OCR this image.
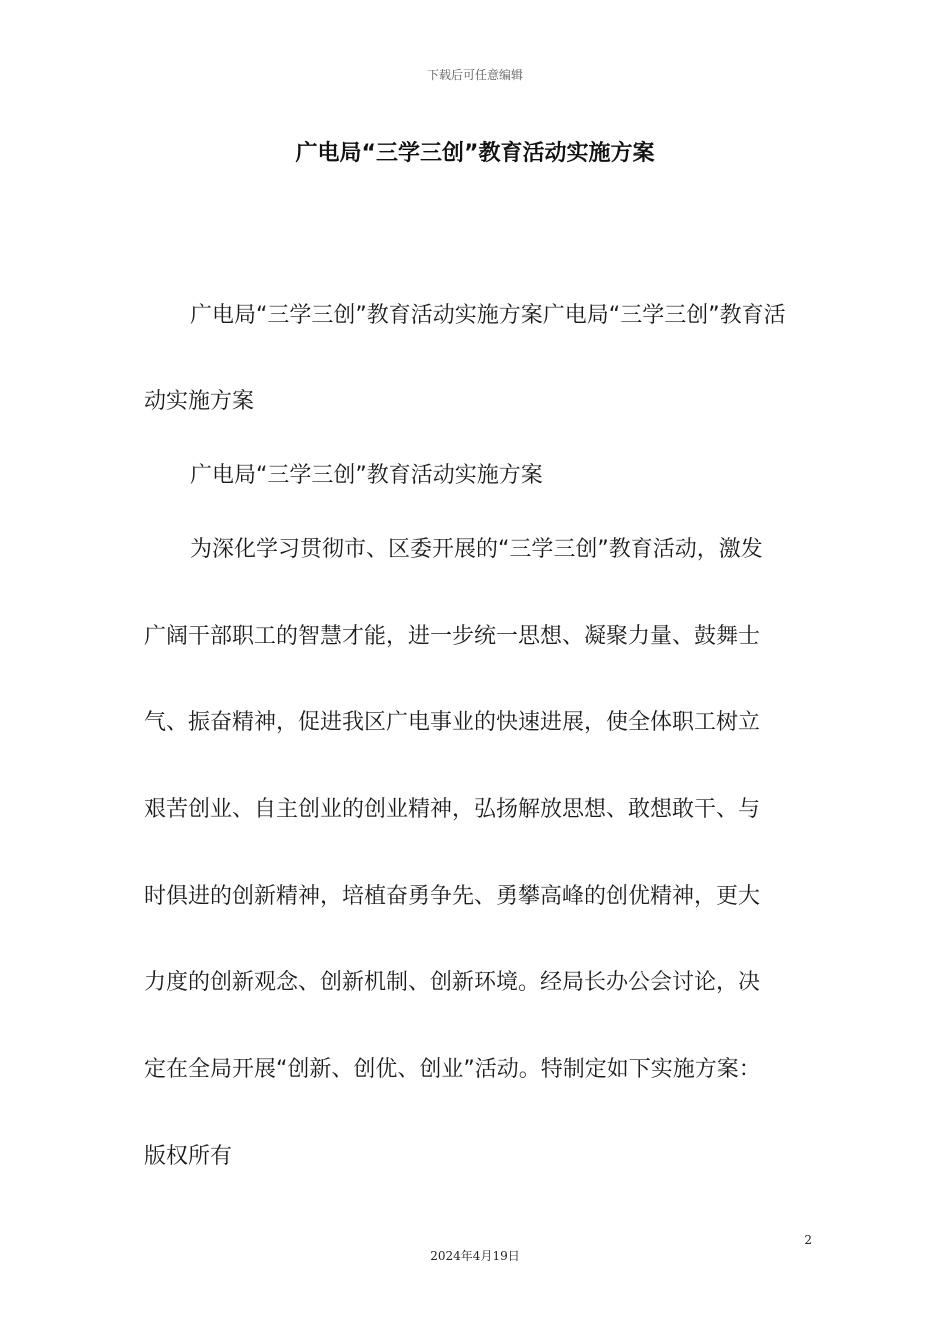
下载后可任意编辑
广电局“三学三创”教育活动实施方案
广电局“三学三创”教育活动实施方案广电局“三学三创”教育活
动实施方案
广电局“三学三创”教育活动实施方案
为深化学习贯彻市、区委开展的“三学三创”教育活动，激发
广阔干部职工的智慧才能，进一步统一思想、凝聚力量、鼓舞士
气、振奋精神，促进我区广电事业的快速进展，使全体职工树立
艰苦创业、自主创业的创业精神，弘扬解放思想、敢想敢干、与
时俱进的创新精神，培植奋勇争先、勇攀高峰的创优精神，更大
力度的创新观念、创新机制、创新环境。经局长办公会讨论，决
定在全局开展“创新、创优、创业”活动。特制定如下实施方案：
版权所有
2
2024年4月19日
